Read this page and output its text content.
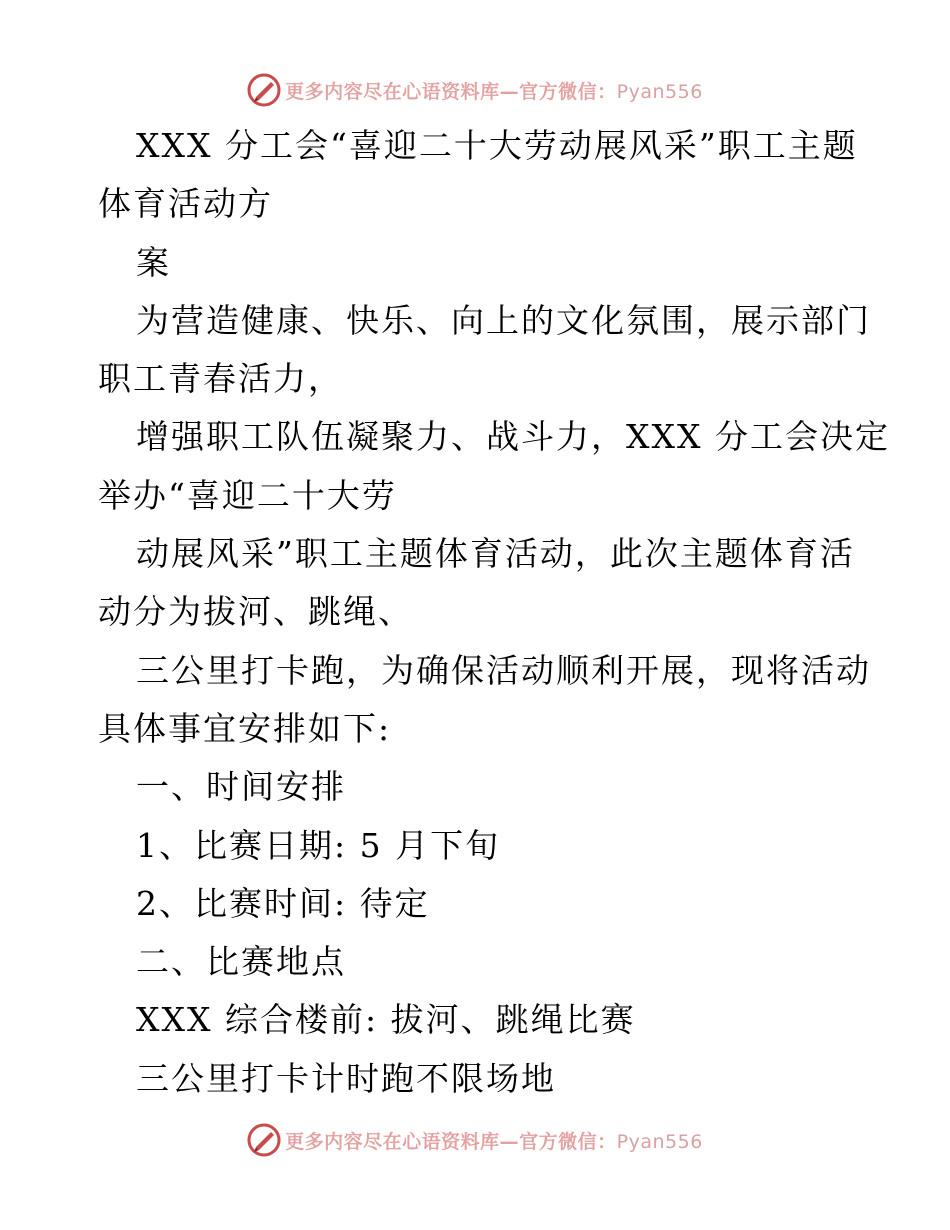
更多内容尽在心语资料库—官方微信：Pyan556

XXX 分工会“喜迎二十大劳动展风采”职工主题

体育活动方

案

为营造健康、快乐、向上的文化氛围，展示部门

职工青春活力，

增强职工队伍凝聚力、战斗力，XXX 分工会决定

举办“喜迎二十大劳

动展风采”职工主题体育活动，此次主题体育活

动分为拔河、跳绳、

三公里打卡跑，为确保活动顺利开展，现将活动

具体事宜安排如下:

一、时间安排

1、比赛日期: 5 月下旬

2、比赛时间: 待定

二、比赛地点

XXX 综合楼前: 拔河、跳绳比赛

三公里打卡计时跑不限场地

更多内容尽在心语资料库—官方微信：Pyan556
